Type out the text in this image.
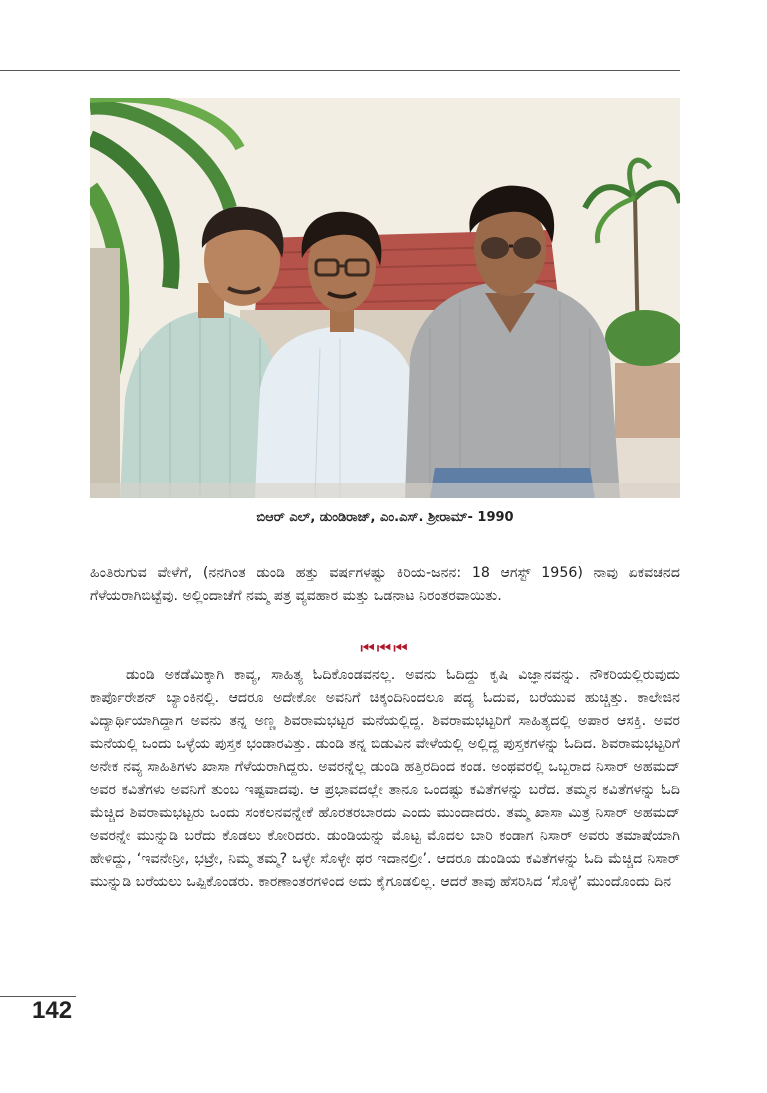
ಬಿಆರ್ ಎಲ್, ಡುಂಡಿರಾಜ್, ಎಂ.ಎಸ್. ಶ್ರೀರಾಮ್- 1990

ಹಿಂತಿರುಗುವ ವೇಳೆಗೆ, (ನನಗಿಂತ ಡುಂಡಿ ಹತ್ತು ವರ್ಷಗಳಷ್ಟು ಕಿರಿಯ-ಜನನ: 18 ಆಗಸ್ಟ್ 1956) ನಾವು ಏಕವಚನದ ಗೆಳೆಯರಾಗಿಬಿಟ್ಟೆವು. ಅಲ್ಲಿಂದಾಚೆಗೆ ನಮ್ಮ ಪತ್ರ ವ್ಯವಹಾರ ಮತ್ತು ಒಡನಾಟ ನಿರಂತರವಾಯಿತು.

⏮⏮⏮

ಡುಂಡಿ ಅಕಡೆಮಿಕ್ಕಾಗಿ ಕಾವ್ಯ, ಸಾಹಿತ್ಯ ಓದಿಕೊಂಡವನಲ್ಲ. ಅವನು ಓದಿದ್ದು ಕೃಷಿ ವಿಜ್ಞಾನವನ್ನು. ನೌಕರಿಯಲ್ಲಿರುವುದು ಕಾರ್ಪೊರೇಶನ್ ಬ್ಯಾಂಕಿನಲ್ಲಿ. ಆದರೂ ಅದೇಕೋ ಅವನಿಗೆ ಚಿಕ್ಕಂದಿನಿಂದಲೂ ಪದ್ಯ ಓದುವ, ಬರೆಯುವ ಹುಚ್ಚಿತ್ತು. ಕಾಲೇಜಿನ ವಿದ್ಯಾರ್ಥಿಯಾಗಿದ್ದಾಗ ಅವನು ತನ್ನ ಅಣ್ಣ ಶಿವರಾಮಭಟ್ಟರ ಮನೆಯಲ್ಲಿದ್ದ. ಶಿವರಾಮಭಟ್ಟರಿಗೆ ಸಾಹಿತ್ಯದಲ್ಲಿ ಅಪಾರ ಆಸಕ್ತಿ. ಅವರ ಮನೆಯಲ್ಲಿ ಒಂದು ಒಳ್ಳೆಯ ಪುಸ್ತಕ ಭಂಡಾರವಿತ್ತು. ಡುಂಡಿ ತನ್ನ ಬಿಡುವಿನ ವೇಳೆಯಲ್ಲಿ ಅಲ್ಲಿದ್ದ ಪುಸ್ತಕಗಳನ್ನು ಓದಿದ. ಶಿವರಾಮಭಟ್ಟರಿಗೆ ಅನೇಕ ನವ್ಯ ಸಾಹಿತಿಗಳು ಖಾಸಾ ಗೆಳೆಯರಾಗಿದ್ದರು. ಅವರನ್ನೆಲ್ಲ ಡುಂಡಿ ಹತ್ತಿರದಿಂದ ಕಂಡ. ಅಂಥವರಲ್ಲಿ ಒಬ್ಬರಾದ ನಿಸಾರ್ ಅಹಮದ್ ಅವರ ಕವಿತೆಗಳು ಅವನಿಗೆ ತುಂಬ ಇಷ್ಟವಾದವು. ಆ ಪ್ರಭಾವದಲ್ಲೇ ತಾನೂ ಒಂದಷ್ಟು ಕವಿತೆಗಳನ್ನು ಬರೆದ. ತಮ್ಮನ ಕವಿತೆಗಳನ್ನು ಓದಿ ಮೆಚ್ಚಿದ ಶಿವರಾಮಭಟ್ಟರು ಒಂದು ಸಂಕಲನವನ್ನೇಕೆ ಹೊರತರಬಾರದು ಎಂದು ಮುಂದಾದರು. ತಮ್ಮ ಖಾಸಾ ಮಿತ್ರ ನಿಸಾರ್ ಅಹಮದ್ ಅವರನ್ನೇ ಮುನ್ನುಡಿ ಬರೆದು ಕೊಡಲು ಕೋರಿದರು. ಡುಂಡಿಯನ್ನು ಮೊಟ್ಟ ಮೊದಲ ಬಾರಿ ಕಂಡಾಗ ನಿಸಾರ್ ಅವರು ತಮಾಷೆಯಾಗಿ ಹೇಳಿದ್ದು, ‘ಇವನೇನ್ರೀ, ಭಟ್ರೇ, ನಿಮ್ಮ ತಮ್ಮ? ಒಳ್ಳೇ ಸೊಳ್ಳೇ ಥರ ಇದಾನಲ್ರೀ’. ಆದರೂ ಡುಂಡಿಯ ಕವಿತೆಗಳನ್ನು ಓದಿ ಮೆಚ್ಚಿದ ನಿಸಾರ್ ಮುನ್ನುಡಿ ಬರೆಯಲು ಒಪ್ಪಿಕೊಂಡರು. ಕಾರಣಾಂತರಗಳಿಂದ ಅದು ಕೈಗೂಡಲಿಲ್ಲ. ಆದರೆ ತಾವು ಹೆಸರಿಸಿದ ‘ಸೊಳ್ಳೆ’ ಮುಂದೊಂದು ದಿನ

142
